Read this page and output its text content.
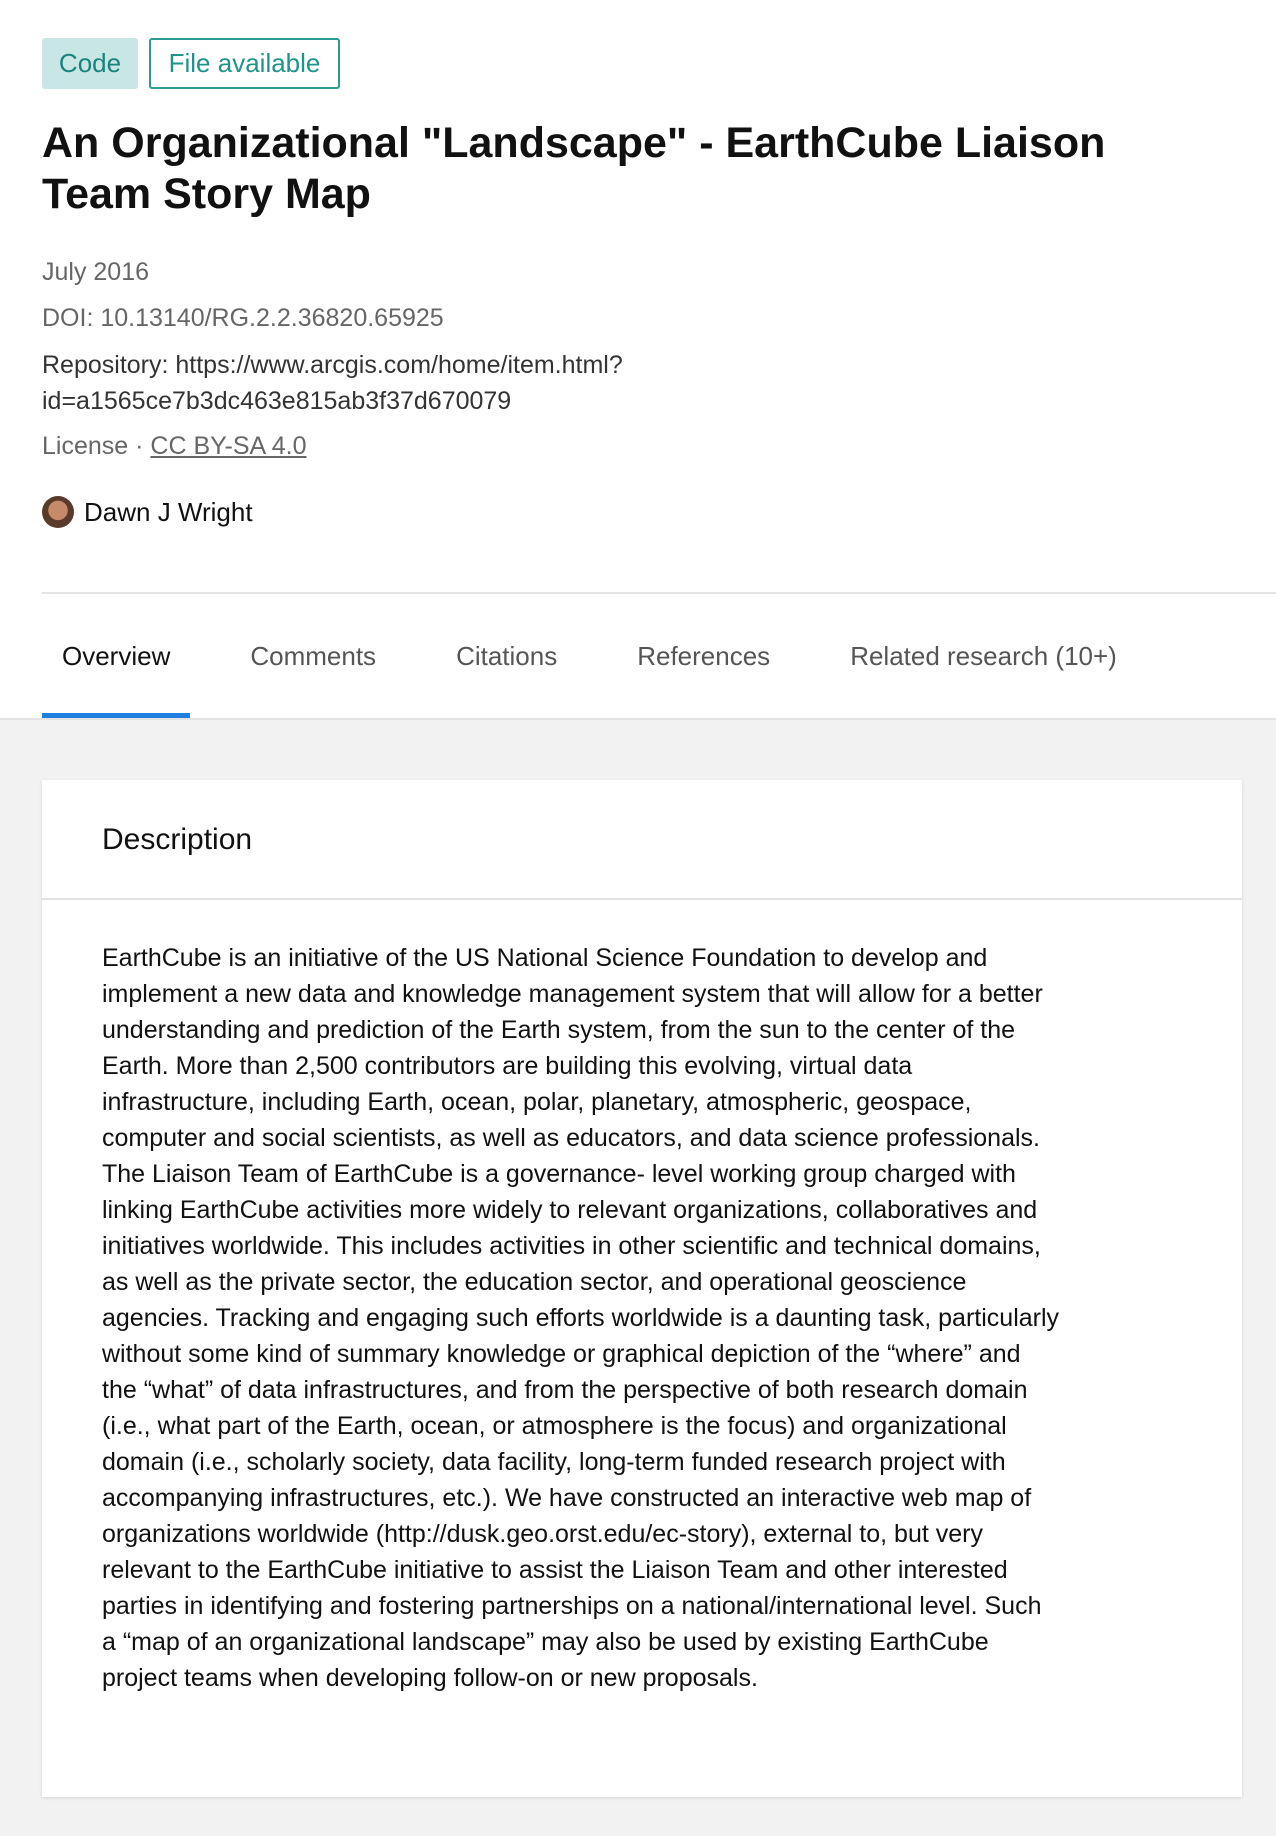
Code	File available
An Organizational "Landscape" - EarthCube Liaison Team Story Map
July 2016
DOI: 10.13140/RG.2.2.36820.65925
Repository: https://www.arcgis.com/home/item.html?
id=a1565ce7b3dc463e815ab3f37d670079
License · CC BY-SA 4.0
Dawn J Wright
Overview	Comments	Citations	References	Related research (10+)
Description
EarthCube is an initiative of the US National Science Foundation to develop and
implement a new data and knowledge management system that will allow for a better
understanding and prediction of the Earth system, from the sun to the center of the
Earth. More than 2,500 contributors are building this evolving, virtual data
infrastructure, including Earth, ocean, polar, planetary, atmospheric, geospace,
computer and social scientists, as well as educators, and data science professionals.
The Liaison Team of EarthCube is a governance- level working group charged with
linking EarthCube activities more widely to relevant organizations, collaboratives and
initiatives worldwide. This includes activities in other scientific and technical domains,
as well as the private sector, the education sector, and operational geoscience
agencies. Tracking and engaging such efforts worldwide is a daunting task, particularly
without some kind of summary knowledge or graphical depiction of the “where” and
the “what” of data infrastructures, and from the perspective of both research domain
(i.e., what part of the Earth, ocean, or atmosphere is the focus) and organizational
domain (i.e., scholarly society, data facility, long-term funded research project with
accompanying infrastructures, etc.). We have constructed an interactive web map of
organizations worldwide (http://dusk.geo.orst.edu/ec-story), external to, but very
relevant to the EarthCube initiative to assist the Liaison Team and other interested
parties in identifying and fostering partnerships on a national/international level. Such
a “map of an organizational landscape” may also be used by existing EarthCube
project teams when developing follow-on or new proposals.
